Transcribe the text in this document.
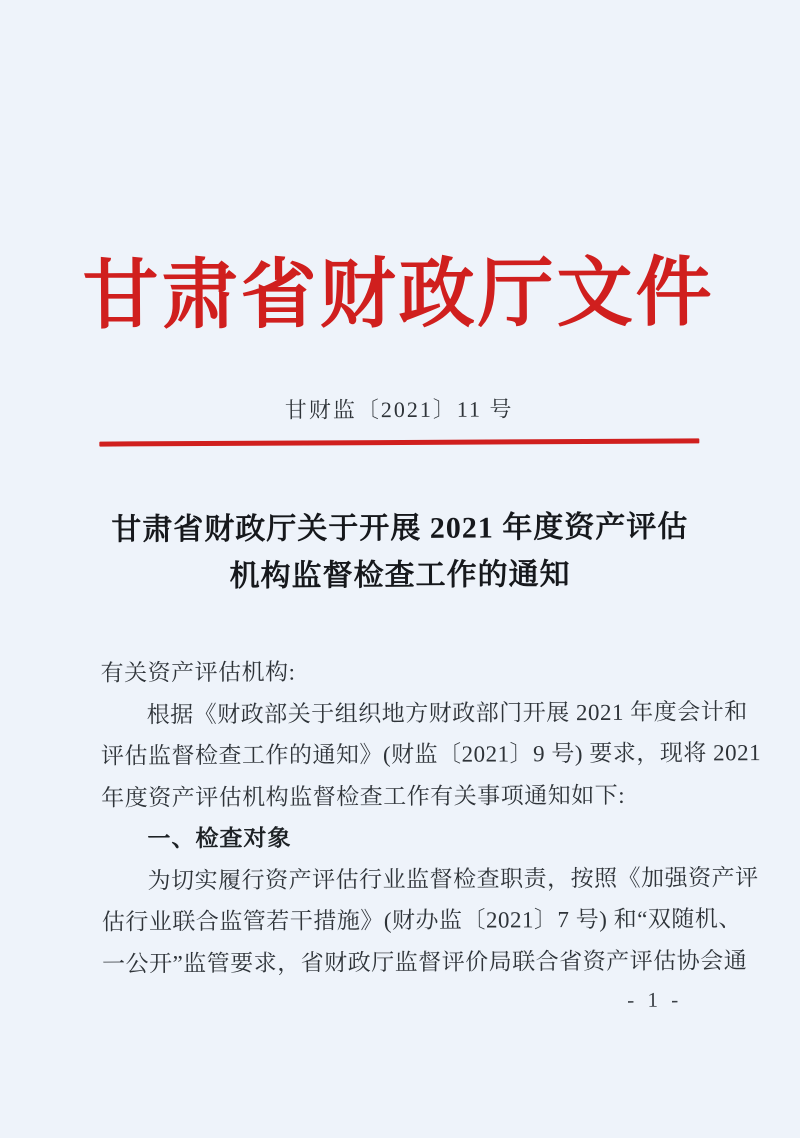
甘肃省财政厅文件
甘财监〔2021〕11 号
甘肃省财政厅关于开展 2021 年度资产评估
机构监督检查工作的通知

有关资产评估机构:

根据《财政部关于组织地方财政部门开展 2021 年度会计和

评估监督检查工作的通知》(财监〔2021〕9 号) 要求，现将 2021

年度资产评估机构监督检查工作有关事项通知如下:

一、检查对象

为切实履行资产评估行业监督检查职责，按照《加强资产评

估行业联合监管若干措施》(财办监〔2021〕7 号) 和“双随机、

一公开”监管要求，省财政厅监督评价局联合省资产评估协会通

- 1 -
